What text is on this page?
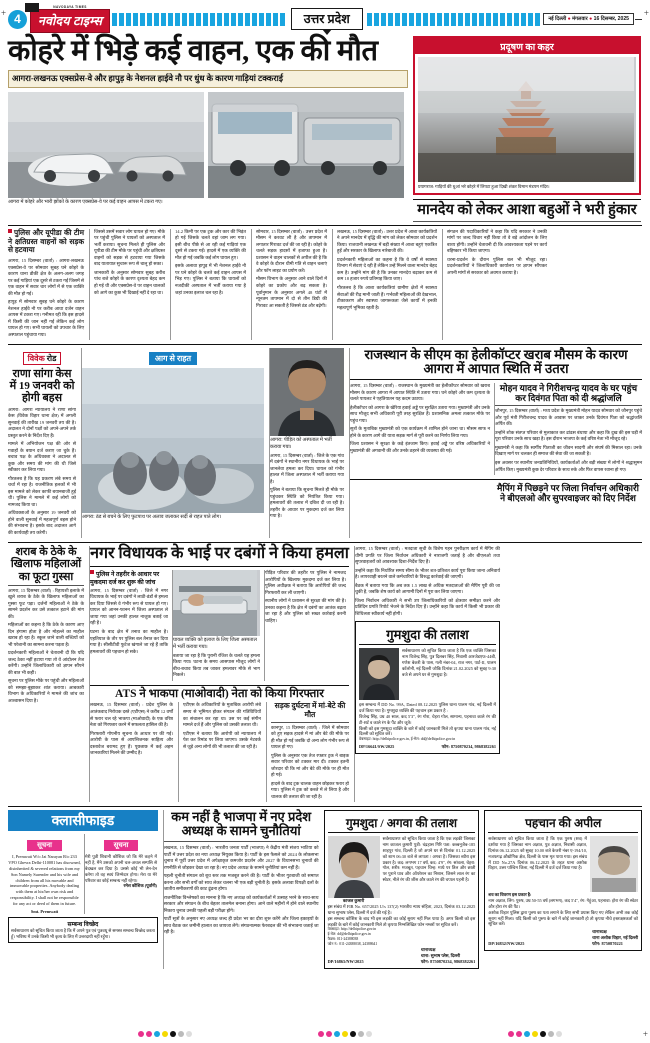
+	+
4
NAVODAYA TIMES
नवोदय टाइम्स	उत्तर प्रदेश	नई दिल्ली ● मंगलवार ● 16 दिसम्बर, 2025
कोहरे में भिड़े कई वाहन, एक की मौत
आगरा-लखनऊ एक्सप्रेस-वे और हापुड़ के नेशनल हाईवे नौ पर धुंध के कारण गाड़ियां टक्कराई
आगरा में कोहरे और भारी झोंको के कारण एक्सप्रेस-वे पर कई वाहन आपस में टकरा गए।
प्रदूषण का कहर
प्रयागराज: गाड़ियों की धुआं भरे कोहरे में लिपटा हुआ दिखी शंकर विमान मंडपम मंदिर।
मानदेय को लेकर आशा बहुओं ने भरी हुंकार
पुलिस और यूपीडा की टीम ने क्षतिग्रस्त वाहनों को सड़क से हटवाया

आगरा, 15 दिसम्बर (वार्ता) : आगरा-लखनऊ एक्सप्रेस-वे पर सोमवार सुबह घने कोहरे के कारण थाना डौकी क्षेत्र के अलग-अलग जगह पर कई गाड़ियां एक दूसरे से टकरा गई जिसमें से एक वाहन में सवार चार लोगों में से एक व्यक्ति की मौत हो गई।

हापुड़ में सोमवार सुबह घने कोहरे के कारण नेशनल हाईवे नौ पर करीब आधा दर्जन वाहन आपस में टकरा गए। गनीमत रही कि इस हादसे में किसी की जान नहीं गई लेकिन कई लोग घायल हो गए। सभी घायलों को उपचार के लिए अस्पताल पहुंचाया गया।

जिससे उसमें सवार लोग घायल हो गए। मौके पर पहुंची पुलिस ने घायलों को अस्पताल में भर्ती कराया। सूचना मिलते ही पुलिस और यूपीडा की टीम मौके पर पहुंची और क्षतिग्रस्त वाहनों को सड़क से हटवाया गया जिसके बाद यातायात सुचारू रूप से चालू हो सका।

जानकारी के अनुसार सोमवार सुबह करीब पांच बजे कोहरे के कारण दृश्यता बेहद कम हो गई थी और एक्सप्रेस-वे पर वाहन चालकों को आगे का कुछ भी दिखाई नहीं दे रहा था।

14.2 किमी पर एक ट्रक और कार की भिड़ंत हो गई जिसके चलते वहां जाम लग गया। इसी बीच पीछे से आ रही कई गाड़ियां एक दूसरे से टकरा गईं। हादसे में एक व्यक्ति की मौत हो गई जबकि कई लोग घायल हुए।

इसके अलावा हापुड़ में भी नेशनल हाईवे नौ पर घने कोहरे के चलते कई वाहन आपस में भिड़ गए। पुलिस ने बताया कि घायलों को नजदीकी अस्पताल में भर्ती कराया गया है जहां उनका इलाज चल रहा है।

सोमवार, 15 दिसम्बर (वार्ता) : उत्तर प्रदेश में मौसम ने करवट ली है और तापमान में लगातार गिरावट दर्ज की जा रही है। कोहरे के चलते सड़क हादसों में इजाफा हुआ है। प्रशासन ने वाहन चालकों से अपील की है कि वे कोहरे के दौरान धीमी गति से वाहन चलाएं और फॉग लाइट का प्रयोग करें।

मौसम विभाग के अनुसार आने वाले दिनों में कोहरे का प्रकोप और बढ़ सकता है। पूर्वानुमान के अनुसार अगले 48 घंटों में न्यूनतम तापमान में दो से तीन डिग्री की गिरावट आ सकती है जिससे ठंड और बढ़ेगी।

लखनऊ, 15 दिसम्बर (वार्ता) : उत्तर प्रदेश में आशा कार्यकत्रियों ने अपने मानदेय में वृद्धि की मांग को लेकर सोमवार को प्रदर्शन किया। राजधानी लखनऊ में बड़ी संख्या में आशा बहुएं एकत्रित हुईं और सरकार के खिलाफ नारेबाजी की।

प्रदर्शनकारी महिलाओं का कहना है कि वे वर्षों से स्वास्थ्य विभाग में सेवाएं दे रही हैं लेकिन उन्हें मिलने वाला मानदेय बेहद कम है। उन्होंने मांग की है कि उनका मानदेय बढ़ाकर कम से कम 18 हजार रुपये प्रतिमाह किया जाए।

गौरतलब है कि आशा कार्यकत्रियां ग्रामीण क्षेत्रों में स्वास्थ्य सेवाओं की रीढ़ मानी जाती हैं। गर्भवती महिलाओं की देखभाल, टीकाकरण और स्वास्थ्य जागरूकता जैसे कार्यों में इनकी महत्वपूर्ण भूमिका रहती है।

संगठन की पदाधिकारियों ने कहा कि यदि सरकार ने उनकी मांगों पर जल्द विचार नहीं किया तो वे बड़े आंदोलन के लिए बाध्य होंगी। उन्होंने चेतावनी दी कि आवश्यकता पड़ने पर कार्य बहिष्कार भी किया जाएगा।

धरना-प्रदर्शन के दौरान पुलिस बल भी मौजूद रहा। प्रदर्शनकारियों ने जिलाधिकारी कार्यालय पर ज्ञापन सौंपकर अपनी मांगों से सरकार को अवगत कराया है।

विवेक रोड
राणा सांगा केस में 19 जनवरी को होगी बहस

आगरा: आगरा न्यायालय ने राणा सांगा केस (विवेक विहार थाना क्षेत्र) में अगली सुनवाई की तारीख 19 जनवरी तय की है। अदालत ने दोनों पक्षों को अपने-अपने तर्क प्रस्तुत करने के निर्देश दिए हैं।

मामले में अभियोजन पक्ष की ओर से गवाहों के बयान दर्ज कराए जा चुके हैं। बचाव पक्ष के अधिवक्ता ने अदालत से कुछ और समय की मांग की थी जिसे स्वीकार कर लिया गया।

गौरतलब है कि यह प्रकरण लंबे समय से चर्चा में रहा है। राजनीतिक हलकों में भी इस मामले को लेकर काफी बयानबाजी हुई थी। पुलिस ने मामले में कई लोगों को नामजद किया था।

अधिवक्ताओं के अनुसार 19 जनवरी को होने वाली सुनवाई में महत्वपूर्ण बहस होने की संभावना है। इसके बाद अदालत आगे की कार्यवाही तय करेगी।

आग से राहत
आगरा: ठंड से बचने के लिए फुटपाथ पर अलाव जलाकर सर्दी से राहत पाते लोग।
आगरा: पीड़ित को अस्पताल में भर्ती कराया गया।

आगरा, 15 दिसम्बर (वार्ता) : जिले के एक गांव में दबंगों ने स्थानीय नगर विधायक के भाई पर जानलेवा हमला कर दिया। घायल को गंभीर हालत में जिला अस्पताल में भर्ती कराया गया है।

पुलिस ने बताया कि सूचना मिलते ही मौके पर पहुंचकर स्थिति को नियंत्रित किया गया। हमलावरों की तलाश में दबिश दी जा रही है। तहरीर के आधार पर मुकदमा दर्ज कर लिया गया है।

राजस्थान के सीएम का हेलीकॉप्टर खराब मौसम के कारण आगरा में आपात स्थिति में उतरा

आगरा, 15 दिसम्बर (वार्ता) : राजस्थान के मुख्यमंत्री का हेलीकॉप्टर सोमवार को खराब मौसम के कारण आगरा में आपात स्थिति में उतारा गया। घने कोहरे और कम दृश्यता के चलते पायलट ने एहतियातन यह कदम उठाया।

हेलीकॉप्टर को आगरा के खेरिया हवाई अड्डे पर सुरक्षित उतारा गया। मुख्यमंत्री और उनके साथ मौजूद सभी अधिकारी पूरी तरह सुरक्षित हैं। प्रशासनिक अमला तत्काल मौके पर पहुंच गया।

सूत्रों के मुताबिक मुख्यमंत्री को एक कार्यक्रम में शामिल होने जाना था। मौसम साफ न होने के कारण आगे की यात्रा सड़क मार्ग से पूरी करने का निर्णय लिया गया।

जिला प्रशासन ने सुरक्षा के कड़े इंतजाम किए। हवाई अड्डे पर वरिष्ठ अधिकारियों ने मुख्यमंत्री की अगवानी की और उनके ठहरने की व्यवस्था की गई।

मोहन यादव ने गिरीशचन्द्र यादव के घर पहुंच कर दिवंगत पिता को दी श्रद्धांजलि

जौनपुर, 15 दिसम्बर (वार्ता) : मध्य प्रदेश के मुख्यमंत्री मोहन यादव सोमवार को जौनपुर पहुंचे और पूर्व मंत्री गिरीशचन्द्र यादव के आवास पर जाकर उनके दिवंगत पिता को श्रद्धांजलि अर्पित की।

उन्होंने शोक संतप्त परिवार से मुलाकात कर ढांढस बंधाया और कहा कि दुख की इस घड़ी में पूरा परिवार उनके साथ खड़ा है। इस दौरान भाजपा के कई वरिष्ठ नेता भी मौजूद रहे।

मुख्यमंत्री ने कहा कि स्वर्गीय पिताजी का जीवन सादगी और संघर्ष की मिसाल रहा। उनके दिखाए मार्ग पर चलकर ही समाज की सेवा की जा सकती है।

इस अवसर पर स्थानीय जनप्रतिनिधियों, कार्यकर्ताओं और बड़ी संख्या में लोगों ने श्रद्धासुमन अर्पित किए। मुख्यमंत्री कुछ देर परिवार के साथ रुके और फिर वापस रवाना हो गए।

मैपिंग में पिछड़ने पर जिला निर्वाचन अधिकारी ने बीएलओ और सुपरवाइजर को दिए निर्देश
शराब के ठेके के खिलाफ महिलाओं का फूटा गुस्सा

आगरा, 15 दिसम्बर (वार्ता) : रिहायशी इलाके में खुले शराब के ठेके के खिलाफ महिलाओं का गुस्सा फूट पड़ा। दर्जनों महिलाओं ने ठेके के सामने प्रदर्शन कर उसे तत्काल हटाने की मांग की।

महिलाओं का कहना है कि ठेके के कारण आए दिन हंगामा होता है और मोहल्ले का माहौल खराब हो रहा है। स्कूल जाने वाली बच्चियों को भी परेशानी का सामना करना पड़ता है।

प्रदर्शनकारी महिलाओं ने चेतावनी दी कि यदि जल्द ठेका नहीं हटाया गया तो वे आंदोलन तेज करेंगी। उन्होंने जिलाधिकारी को ज्ञापन सौंपने की बात भी कही।

सूचना पर पुलिस मौके पर पहुंची और महिलाओं को समझा-बुझाकर शांत कराया। आबकारी विभाग के अधिकारियों ने मामले की जांच का आश्वासन दिया है।

नगर विधायक के भाई पर दबंगों ने किया हमला
पुलिस ने तहरीर के आधार पर मुकदमा दर्ज कर शुरू की जांच

आगरा, 15 दिसम्बर (वार्ता) : जिले में नगर विधायक के भाई पर दबंगों ने लाठी-डंडों से हमला कर दिया जिससे वे गंभीर रूप से घायल हो गए। घायल को आनन-फानन में जिला अस्पताल ले जाया गया जहां उनकी हालत नाजुक बताई जा रही है।

घटना के बाद क्षेत्र में तनाव का माहौल है। एहतियात के तौर पर पुलिस बल तैनात कर दिया गया है। सीसीटीवी फुटेज खंगाले जा रहे हैं ताकि हमलावरों की पहचान हो सके।

घायल व्यक्ति को इलाज के लिए जिला अस्पताल में भर्ती कराया गया।

बताया जा रहा है कि पुरानी रंजिश के चलते यह हमला किया गया। घटना के समय आसपास मौजूद लोगों ने बीच-बचाव किया तब जाकर हमलावर मौके से भाग निकले।

पीड़ित परिवार की तहरीर पर पुलिस ने नामजद आरोपियों के खिलाफ मुकदमा दर्ज कर लिया है। पुलिस अधीक्षक ने बताया कि आरोपियों की जल्द गिरफ्तारी कर ली जाएगी।

स्थानीय लोगों ने प्रशासन से सुरक्षा की मांग की है। उनका कहना है कि क्षेत्र में दबंगों का आतंक बढ़ता जा रहा है और पुलिस को सख्त कार्रवाई करनी चाहिए।

ATS ने भाकपा (माओवादी) नेता को किया गिरफ्तार

लखनऊ, 15 दिसम्बर (वार्ता) : प्रदेश पुलिस के आतंकवाद निरोधक दस्ते (एटीएस) ने करीब 12 वर्षों से फरार चल रहे भाकपा (माओवादी) के एक वरिष्ठ नेता को गिरफ्तार करने में सफलता हासिल की है।

गिरफ्तारी गोपनीय सूचना के आधार पर की गई। आरोपी के पास से आपत्तिजनक साहित्य और दस्तावेज बरामद हुए हैं। पूछताछ में कई अहम जानकारियां मिलने की उम्मीद है।

एटीएस के अधिकारियों के मुताबिक आरोपी लंबे समय से भूमिगत होकर संगठन की गतिविधियों का संचालन कर रहा था। उस पर कई संगीन मामले दर्ज हैं और पुलिस को उसकी तलाश थी।

एटीएस ने बताया कि आरोपी को न्यायालय में पेश कर रिमांड पर लिया जाएगा। उसके नेटवर्क से जुड़े अन्य लोगों की भी तलाश की जा रही है।

सड़क दुर्घटना में मां-बेटे की मौत

कानपुर, 15 दिसम्बर (वार्ता) : जिले में सोमवार को हुए सड़क हादसे में मां और बेटे की मौके पर ही मौत हो गई जबकि दो अन्य लोग गंभीर रूप से घायल हो गए।

पुलिस के अनुसार एक तेज रफ्तार ट्रक ने बाइक सवार परिवार को टक्कर मार दी। टक्कर इतनी जोरदार थी कि मां और बेटे की मौके पर ही मौत हो गई।

हादसे के बाद ट्रक चालक वाहन छोड़कर फरार हो गया। पुलिस ने ट्रक को कब्जे में ले लिया है और चालक की तलाश की जा रही है।

आगरा, 15 दिसम्बर (वार्ता) : मतदाता सूची के विशेष गहन पुनरीक्षण कार्य में मैपिंग की धीमी प्रगति पर जिला निर्वाचन अधिकारी ने नाराजगी जताई है और बीएलओ तथा सुपरवाइजरों को आवश्यक दिशा-निर्देश दिए हैं।

उन्होंने कहा कि निर्धारित समय सीमा के भीतर शत-प्रतिशत कार्य पूरा किया जाना अनिवार्य है। लापरवाही बरतने वाले कर्मचारियों के विरुद्ध कार्रवाई की जाएगी।

बैठक में बताया गया कि अब तक 1.5 लाख से अधिक मतदाताओं की मैपिंग पूरी की जा चुकी है, जबकि शेष कार्य को आगामी दिनों में पूरा कर लिया जाएगा।

जिला निर्वाचन अधिकारी ने सभी उप जिलाधिकारियों को क्षेत्रवार समीक्षा करने और प्रतिदिन प्रगति रिपोर्ट भेजने के निर्देश दिए हैं। उन्होंने कहा कि कार्य में किसी भी प्रकार की शिथिलता स्वीकार्य नहीं होगी।

गुमशुदा की तलाश
सर्वसाधारण को सूचित किया जाता है कि एक व्यक्ति जिसका नाम विजेन्द्र सिंह, पुत्र दिलबर सिंह, निवासी आरजेडएफ-44बी, गणेश बेकरी के पास, गली नंबर-04, राज नगर, पार्ट-II, पालम कॉलोनी, नई दिल्ली जोकि दिनांक 21.02.2025 को सुबह 9:30 बजे से अपने घर से गुमशुदा है।
इस सम्बन्ध में DD No. 99A, Dated 08.12.2025 पुलिस थाना पालम गांव, नई दिल्ली में दर्ज किया गया है। गुमशुदा व्यक्ति की पहचान इस प्रकार है :
विजेन्द्र सिंह, उम्र 40 साल, कद 5'3", रंग गोरा, चेहरा गोल, सामान्य, पहनावा काले रंग की टी-शर्ट व काले रंग के पैंट और जूते।
किसी को इस गुमशुदा व्यक्ति के बारे में कोई जानकारी मिले तो कृपया थाना पालम गांव, नई दिल्ली को सूचित करें।
वेबसाइट: http://delhipolice.gov.in, ई-मेल: dd@delhipolice.gov.in
DP/16641/SW/2025	फोन: 8750870234, 9868382261
क्लासीफाइड
सूचना
I, Premwati W/o Jai Narayan R/o 233 VPO Ghevra Delhi-110081 has disowned, disinherited & severed relations from my Son Namely Surender and his wife and children from all his movable and immovable properties. Anybody dealing with them at his/her own risk and responsibility. I shall not be responsible for any act or deed of them in future.
Smt. Premwati
सूचना
मेरी पुत्री शिवानी कौशिक जो कि मेरे कहने में नहीं है, मैंने उसको अपनी चल-अचल सम्पत्ति से बेदखल कर दिया है। उससे कोई भी लेन-देन करेगा तो वह स्वयं जिम्मेदार होगा। मेरा या मेरे परिवार का कोई सम्बन्ध नहीं रहेगा।
रमेश कौशिक (पूर्वानी)
सम्बन्ध विच्छेद
सर्वसाधारण को सूचित किया जाता है कि मैं अपने पुत्र एवं पुत्रवधू से समस्त सम्बन्ध विच्छेद करता हूँ। भविष्य में उनके किसी भी कृत्य के लिए मैं उत्तरदायी नहीं रहूँगा।
कम नहीं है भाजपा में नए प्रदेश अध्यक्ष के सामने चुनौतियां

लखनऊ, 15 दिसम्बर (वार्ता) : भारतीय जनता पार्टी (भाजपा) ने केंद्रीय मंत्री संजय भाटिया को पार्टी में उत्तर प्रदेश का नया अध्यक्ष नियुक्त किया है। पार्टी के इस फैसले को 2024 के लोकसभा चुनाव में पूर्वी उत्तर प्रदेश में अपेक्षाकृत कमजोर प्रदर्शन और 2027 के विधानसभा चुनावों की रणनीति से जोड़कर देखा जा रहा है। नए प्रदेश अध्यक्ष के सामने चुनौतियां कम नहीं हैं।

पहली चुनौती संगठन को बूथ स्तर तक मजबूत करने की है। पार्टी के भीतर गुटबाजी को समाप्त करना और सभी वर्गों को साथ लेकर चलना भी एक बड़ी चुनौती है। इसके अलावा विपक्षी दलों के जातीय समीकरणों की काट ढूंढना होगा।

राजनीतिक विश्लेषकों का मानना है कि नए अध्यक्ष को कार्यकर्ताओं में उत्साह भरने के साथ-साथ सरकार और संगठन के बीच बेहतर तालमेल बनाना होगा। आने वाले महीनों में होने वाले स्थानीय निकाय चुनाव उनकी पहली बड़ी परीक्षा होंगे।

पार्टी सूत्रों के अनुसार नए अध्यक्ष जल्द ही प्रदेश भर का दौरा शुरू करेंगे और जिला इकाइयों के साथ बैठक कर जमीनी हालात का जायजा लेंगे। संगठनात्मक फेरबदल की भी संभावना जताई जा रही है।

गुमशुदा / अगवा की तलाश
काजल कुमारी
सर्वसाधारण को सूचित किया जाता है कि एक लड़की जिसका नाम काजल कुमारी पुत्री: चंद्रहास गिरि पता: कब्बनूजैब-185 शाहपुर गांव, दिल्ली है जो अपने घर से दिनांक 01.12.2025 को शाम 06:30 बजे से लापता / अगवा है। जिसका ब्यौरा इस प्रकार है। कद: लगभग 17 वर्ष, कद: 4'9", रंग: सांवला, चेहरा: गोल, शरीर: मजबूत, पहचान चिन्ह: माथे पर तिल और छाती पर पुराने घाव और ऑपरेशन का निशान, जिसने लाल रंग का स्वेटर, नीले रंग की जींस और काले रंग की चप्पल पहनी है।
इस संबंध में FIR No. 657/2025 U/s 137(2) भारतीय न्याय संहिता, 2023, दिनांक 03.12.2025 थाना सुभाष प्लेस, दिल्ली में दर्ज की गई है।
इस सम्बन्ध कोशिश के बाद भी इस लड़की का कोई सुराग नहीं मिल पाया है। अगर किसी को इस लड़की के बारे में कोई जानकारी मिले तो कृपया निम्नलिखित फोन नम्बरों पर सूचित करें।
वेबसाइट: http://delhipolice.gov.in
ई-मेल: dd@delhipolice.gov.in
फैक्स: 011-24388038
फोन नं.: 011-24388038, 24388641
DP/16865/NW/2025
थानाध्यक्ष
थाना: सुभाष प्लेस, दिल्ली
फोन: 8750870234, 9868382261
पहचान की अपील
सर्वसाधारण को सूचित किया जाता है कि एक पुरुष (शव) में दर्शाया गया है जिसका नाम अज्ञात, पुत्र अज्ञात, निवासी अज्ञात, दिनांक 06.12.2025 को सुबह 10.00 बजे केजरी नंबर ए-194/10, नजफगढ़ औद्योगिक क्षेत्र, दिल्ली के पास मृत पाया गया। इस संबंध में DD No.27A दिनांक 06.12.2025 के तहत थाना अशोक विहार, उत्तर पश्चिम जिला, नई दिल्ली में दर्ज दर्ज किया गया है।
शव का विवरण इस प्रकार है:
नाम अज्ञात, लिंग: पुरुष, उम्र 50-55 वर्ष (लगभग), कद 5'4", रंग: गेहुंआ, पहनावा: होरा रंग की स्वेटर और होरा रंग की पैंट।
अशोक विहार पुलिस द्वारा पुरुष का पता लगाने के लिए सभी प्रयास किए गए लेकिन अभी तक कोई सुराग नहीं मिला। यदि किसी को पुरुष के बारे में कोई जानकारी हो तो कृपया नीचे हस्ताक्षरकर्ता को सूचित करें।
DP/16832/NW/2025
थानाध्यक्ष
थाना अशोक विहार, नई दिल्ली
फोन: 8750870221
+
